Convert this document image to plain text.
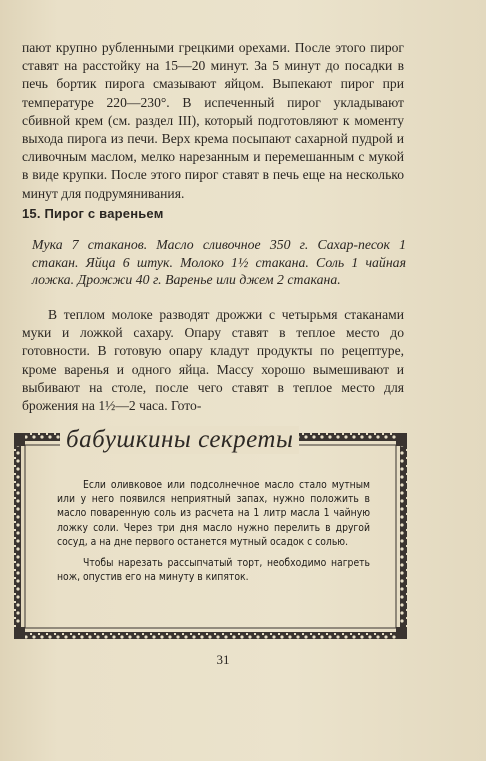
пают крупно рубленными грецкими орехами. После этого пирог ставят на расстойку на 15—20 минут. За 5 минут до посадки в печь бортик пирога смазывают яйцом. Выпекают пирог при температуре 220—230°. В испеченный пирог укладывают сбивной крем (см. раздел III), который подготовляют к моменту выхода пирога из печи. Верх крема посыпают сахарной пудрой и сливочным маслом, мелко нарезанным и перемешанным с мукой в виде крупки. После этого пирог ставят в печь еще на несколько минут для подрумянивания.

15. Пирог с вареньем
Мука 7 стаканов. Масло сливочное 350 г. Сахар-песок 1 стакан. Яйца 6 штук. Молоко 1½ стакана. Соль 1 чайная ложка. Дрожжи 40 г. Варенье или джем 2 стакана.

В теплом молоке разводят дрожжи с четырьмя стаканами муки и ложкой сахару. Опару ставят в теплое место до готовности. В готовую опару кладут продукты по рецептуре, кроме варенья и одного яйца. Массу хорошо вымешивают и выбивают на столе, после чего ставят в теплое место для брожения на 1½—2 часа. Гото-

бабушкины секреты

Если оливковое или подсолнечное масло стало мутным или у него появился неприятный запах, нужно положить в масло поваренную соль из расчета на 1 литр масла 1 чайную ложку соли. Через три дня масло нужно перелить в другой сосуд, а на дне первого останется мутный осадок с солью.

Чтобы нарезать рассыпчатый торт, необходимо нагреть нож, опустив его на минуту в кипяток.

31
